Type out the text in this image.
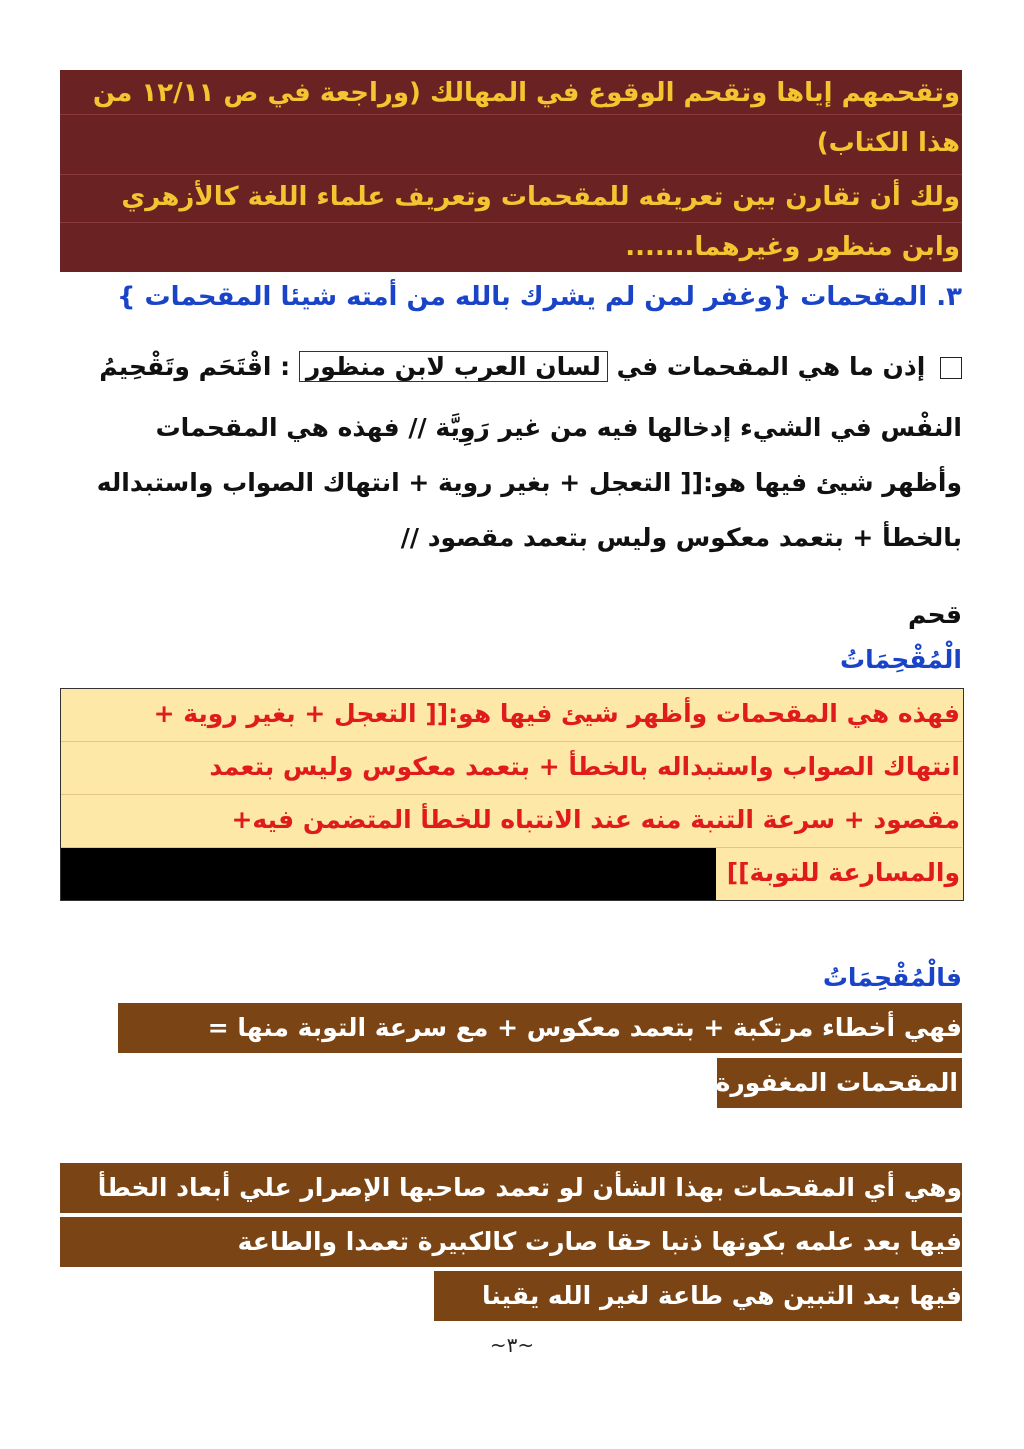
وتقحمهم إياها وتقحم الوقوع في المهالك (وراجعة في ص ١٢/١١ من
هذا الكتاب)
ولك أن تقارن بين تعريفه للمقحمات وتعريف علماء اللغة كالأزهري
وابن منظور وغيرهما.......
٣. المقحمات {وغفر لمن لم يشرك بالله من أمته شيئا المقحمات }
إذن ما هي المقحمات في لسان العرب لابن منظور : اقْتَحَم وتَقْحِيمُ
النفْس في الشيء إدخالها فيه من غير رَوِيَّة // فهذه هي المقحمات
وأظهر شيئ فيها هو:[[ التعجل + بغير روية + انتهاك الصواب واستبداله
بالخطأ + بتعمد معكوس وليس بتعمد مقصود //
قحم
الْمُقْحِمَاتُ
فهذه هي المقحمات وأظهر شيئ فيها هو:[[ التعجل + بغير روية +
انتهاك الصواب واستبداله بالخطأ + بتعمد معكوس وليس بتعمد
مقصود + سرعة التنبة منه عند الانتباه للخطأ المتضمن فيه+
والمسارعة للتوبة]]
فالْمُقْحِمَاتُ
فهي أخطاء مرتكبة + بتعمد معكوس + مع سرعة التوبة منها =
المقحمات المغفورة
وهي أي المقحمات بهذا الشأن لو تعمد صاحبها الإصرار علي أبعاد الخطأ
فيها بعد علمه بكونها ذنبا حقا صارت كالكبيرة تعمدا والطاعة
فيها بعد التبين هي طاعة لغير الله يقينا
~٣~
